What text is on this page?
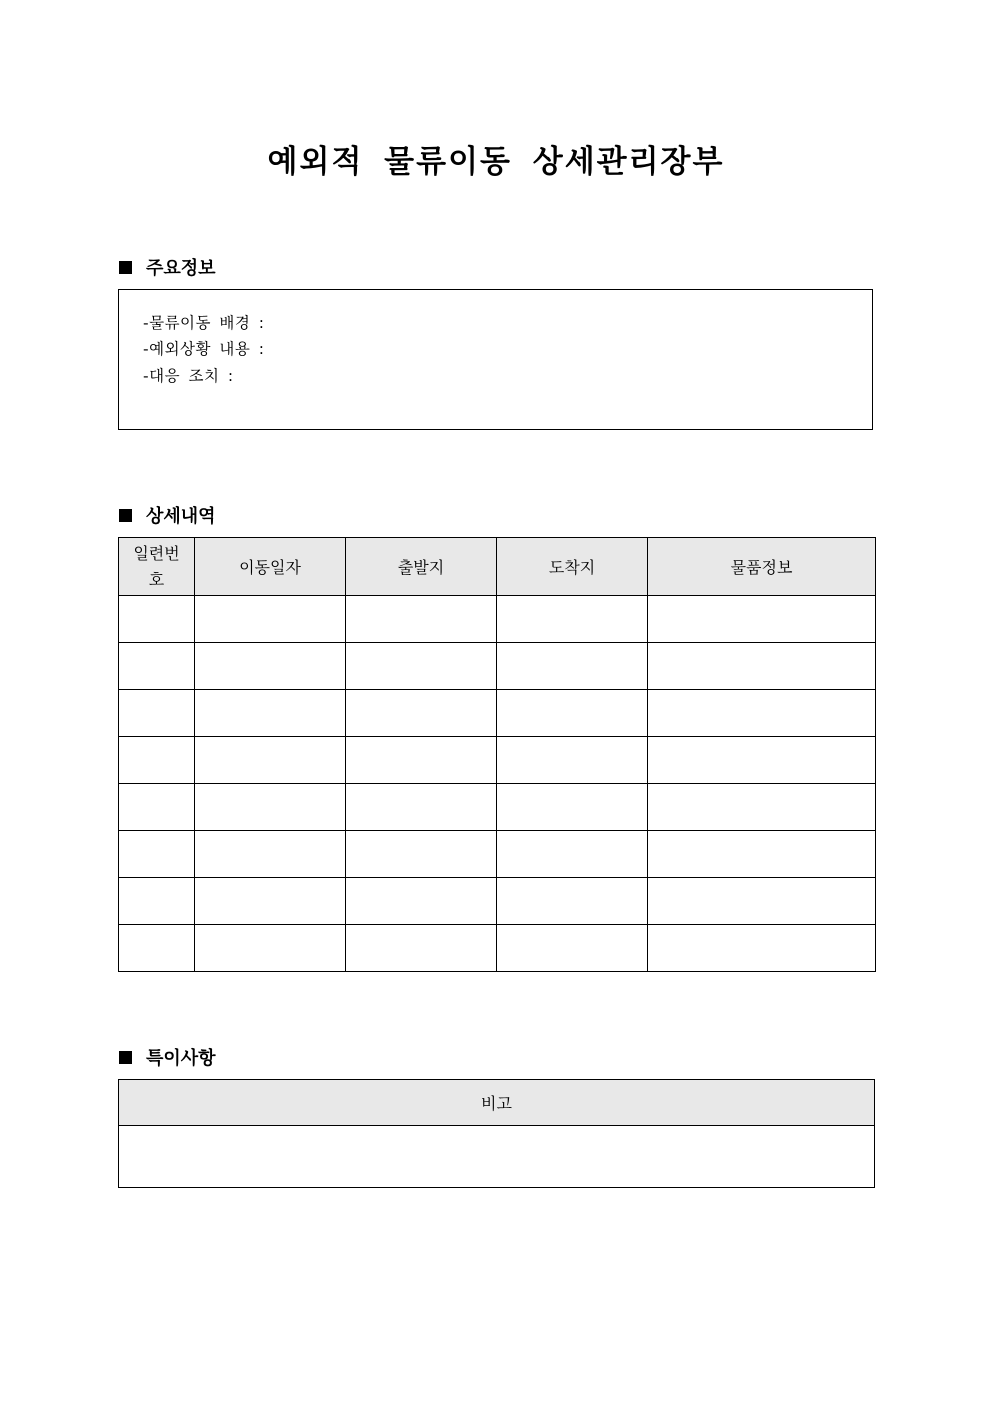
예외적 물류이동 상세관리장부
주요정보
-물류이동 배경 :
-예외상황 내용 :
-대응 조치 :
상세내역
일련번호	이동일자	출발지	도착지	물품정보

특이사항
비고
